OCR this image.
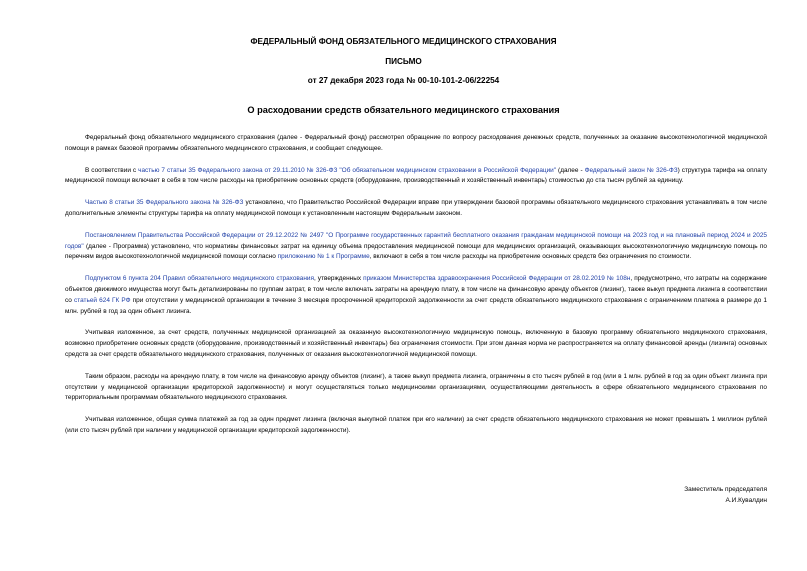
ФЕДЕРАЛЬНЫЙ ФОНД ОБЯЗАТЕЛЬНОГО МЕДИЦИНСКОГО СТРАХОВАНИЯ
ПИСЬМО
от 27 декабря 2023 года № 00-10-101-2-06/22254
О расходовании средств обязательного медицинского страхования

Федеральный фонд обязательного медицинского страхования (далее - Федеральный фонд) рассмотрел обращение по вопросу расходования денежных средств, полученных за оказание высокотехнологичной медицинской помощи в рамках базовой программы обязательного медицинского страхования, и сообщает следующее.

В соответствии с частью 7 статьи 35 Федерального закона от 29.11.2010 № 326-ФЗ "Об обязательном медицинском страховании в Российской Федерации" (далее - Федеральный закон № 326-ФЗ) структура тарифа на оплату медицинской помощи включает в себя в том числе расходы на приобретение основных средств (оборудование, производственный и хозяйственный инвентарь) стоимостью до ста тысяч рублей за единицу.

Частью 8 статьи 35 Федерального закона № 326-ФЗ установлено, что Правительство Российской Федерации вправе при утверждении базовой программы обязательного медицинского страхования устанавливать в том числе дополнительные элементы структуры тарифа на оплату медицинской помощи к установленным настоящим Федеральным законом.

Постановлением Правительства Российской Федерации от 29.12.2022 № 2497 "О Программе государственных гарантий бесплатного оказания гражданам медицинской помощи на 2023 год и на плановый период 2024 и 2025 годов" (далее - Программа) установлено, что нормативы финансовых затрат на единицу объема предоставления медицинской помощи для медицинских организаций, оказывающих высокотехнологичную медицинскую помощь по перечням видов высокотехнологичной медицинской помощи согласно приложению № 1 к Программе, включают в себя в том числе расходы на приобретение основных средств без ограничения по стоимости.

Подпунктом 6 пункта 204 Правил обязательного медицинского страхования, утвержденных приказом Министерства здравоохранения Российской Федерации от 28.02.2019 № 108н, предусмотрено, что затраты на содержание объектов движимого имущества могут быть детализированы по группам затрат, в том числе включать затраты на арендную плату, в том числе на финансовую аренду объектов (лизинг), также выкуп предмета лизинга в соответствии со статьей 624 ГК РФ при отсутствии у медицинской организации в течение 3 месяцев просроченной кредиторской задолженности за счет средств обязательного медицинского страхования с ограничением платежа в размере до 1 млн. рублей в год за один объект лизинга.

Учитывая изложенное, за счет средств, полученных медицинской организацией за оказанную высокотехнологичную медицинскую помощь, включенную в базовую программу обязательного медицинского страхования, возможно приобретение основных средств (оборудование, производственный и хозяйственный инвентарь) без ограничения стоимости. При этом данная норма не распространяется на оплату финансовой аренды (лизинга) основных средств за счет средств обязательного медицинского страхования, полученных от оказания высокотехнологичной медицинской помощи.

Таким образом, расходы на арендную плату, в том числе на финансовую аренду объектов (лизинг), а также выкуп предмета лизинга, ограничены в сто тысяч рублей в год (или в 1 млн. рублей в год за один объект лизинга при отсутствии у медицинской организации кредиторской задолженности) и могут осуществляться только медицинскими организациями, осуществляющими деятельность в сфере обязательного медицинского страхования по территориальным программам обязательного медицинского страхования.

Учитывая изложенное, общая сумма платежей за год за один предмет лизинга (включая выкупной платеж при его наличии) за счет средств обязательного медицинского страхования не может превышать 1 миллион рублей (или сто тысяч рублей при наличии у медицинской организации кредиторской задолженности).

Заместитель председателя
А.И.Кувалдин
